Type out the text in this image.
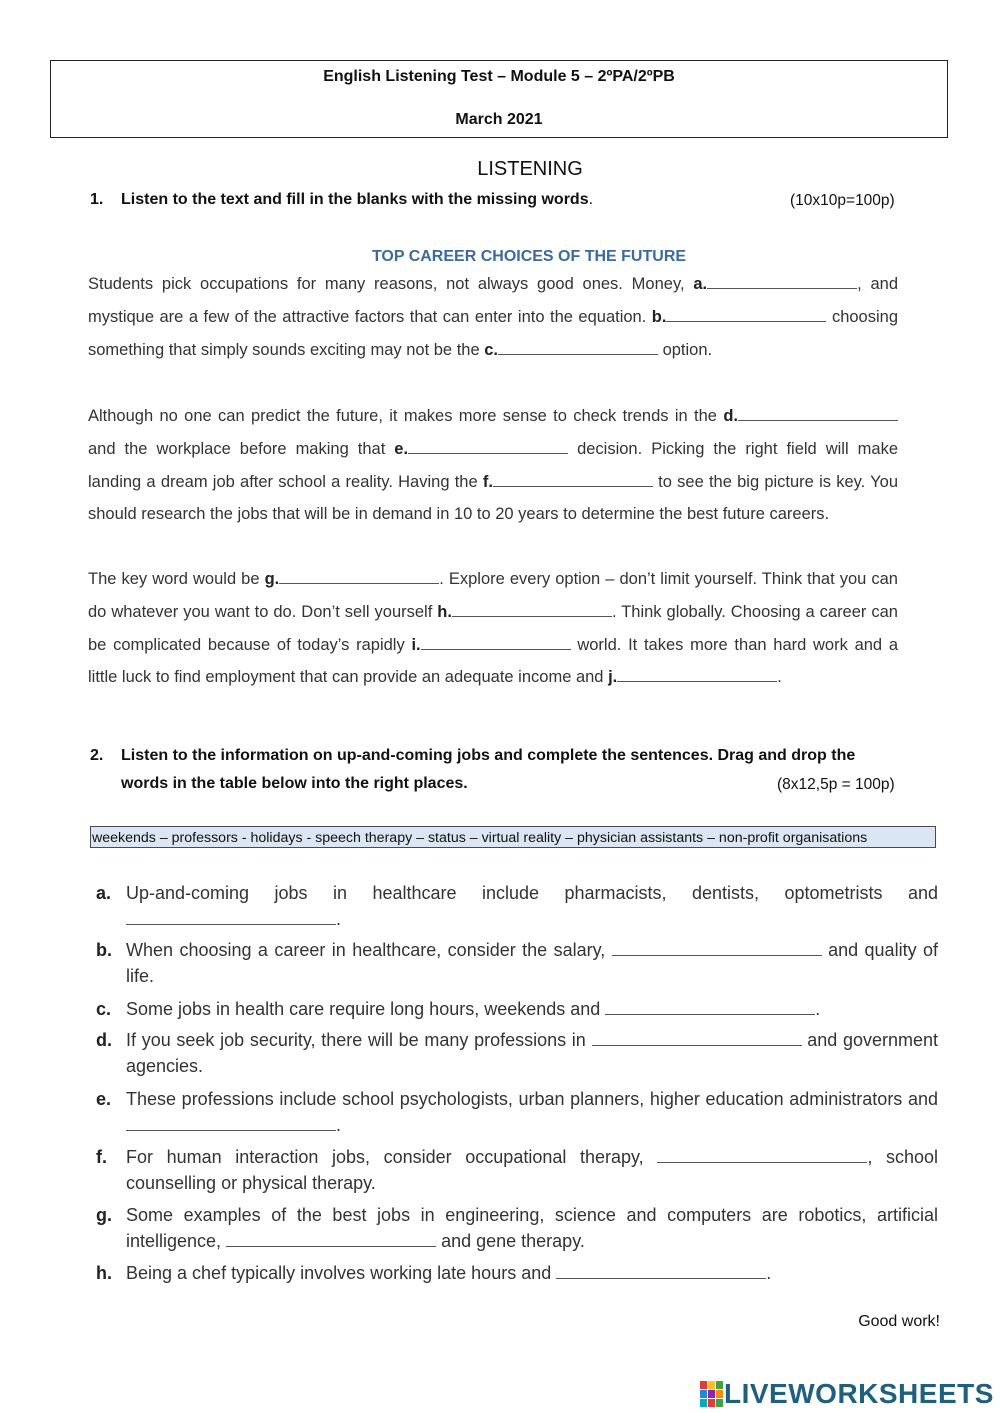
English Listening Test – Module 5 – 2ºPA/2ºPB
March 2021
LISTENING
1. Listen to the text and fill in the blanks with the missing words.	(10x10p=100p)
TOP CAREER CHOICES OF THE FUTURE
Students pick occupations for many reasons, not always good ones. Money, a.	, and mystique are a few of the attractive factors that can enter into the equation. b.	choosing something that simply sounds exciting may not be the c.	option.
Although no one can predict the future, it makes more sense to check trends in the d. and the workplace before making that e.	decision. Picking the right field will make landing a dream job after school a reality. Having the f.	to see the big picture is key. You should research the jobs that will be in demand in 10 to 20 years to determine the best future careers.
The key word would be g.	. Explore every option – don’t limit yourself. Think that you can do whatever you want to do. Don’t sell yourself h.	. Think globally. Choosing a career can be complicated because of today’s rapidly i.	world. It takes more than hard work and a little luck to find employment that can provide an adequate income and j.	.
2. Listen to the information on up-and-coming jobs and complete the sentences. Drag and drop the
words in the table below into the right places.	(8x12,5p = 100p)
weekends – professors - holidays - speech therapy – status – virtual reality – physician assistants – non-profit organisations
a. Up-and-coming jobs in healthcare include pharmacists, dentists, optometrists and .
b. When choosing a career in healthcare, consider the salary,	and quality of life.
c. Some jobs in health care require long hours, weekends and	.
d. If you seek job security, there will be many professions in	and government agencies.
e. These professions include school psychologists, urban planners, higher education administrators and .
f. For human interaction jobs, consider occupational therapy,	, school counselling or physical therapy.
g. Some examples of the best jobs in engineering, science and computers are robotics, artificial intelligence,	and gene therapy.
h. Being a chef typically involves working late hours and	.
Good work!
LIVEWORKSHEETS
